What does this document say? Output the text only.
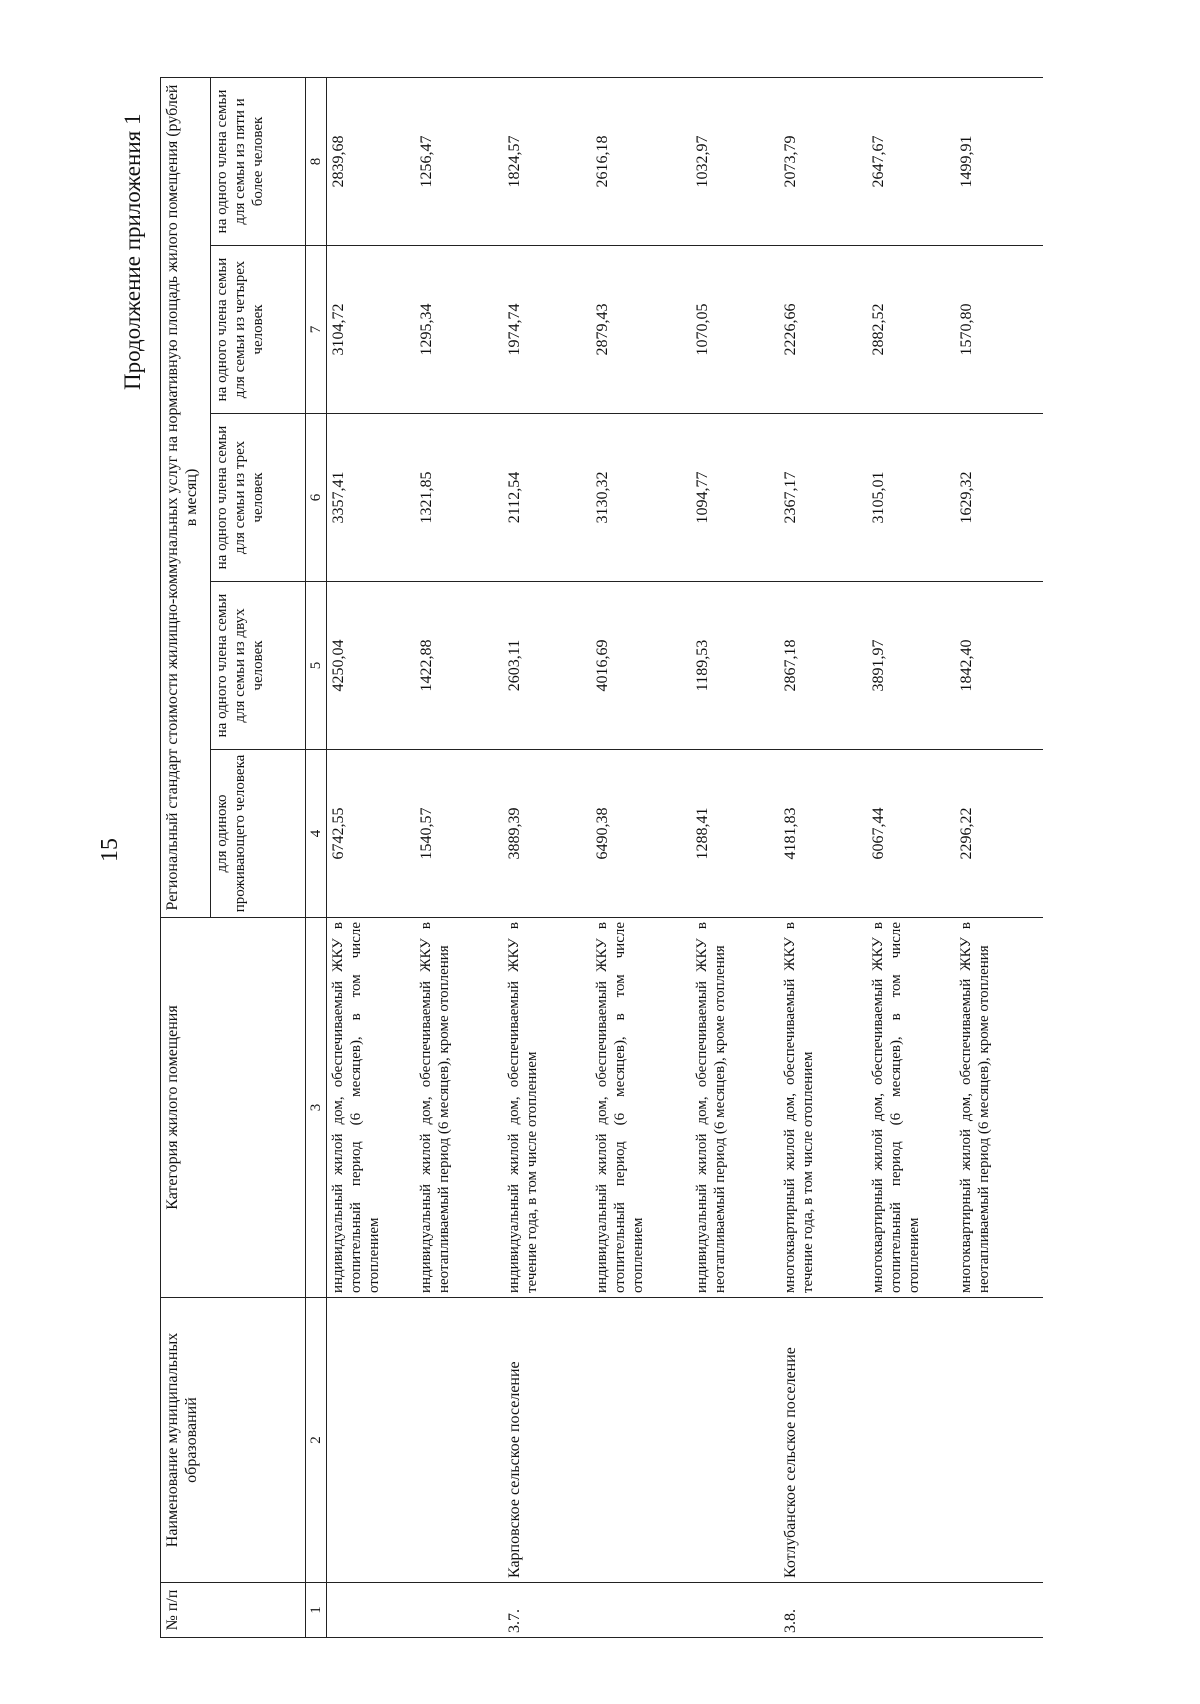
Продолжение приложения 1
15
№ п/п	Наименование муниципальных образований	Категория жилого помещения	Региональный стандарт стоимости жилищно-коммунальных услуг на нормативную площадь жилого помещения (рублей в месяц)				
			для одиноко проживающего человека	на одного члена семьи для семьи из двух человек	на одного члена семьи для семьи из трех человек	на одного члена семьи для семьи из четырех человек	на одного члена семьи для семьи из пяти и более человек
1	2	3	4	5	6	7	8
		индивидуальный жилой дом, обеспечиваемый ЖКУ в отопительный период (6 месяцев), в том числе отоплением	6742,55	4250,04	3357,41	3104,72	2839,68
		индивидуальный жилой дом, обеспечиваемый ЖКУ в неотапливаемый период (6 месяцев), кроме отопления	1540,57	1422,88	1321,85	1295,34	1256,47
3.7.	Карповское сельское поселение	индивидуальный жилой дом, обеспечиваемый ЖКУ в течение года, в том числе отоплением	3889,39	2603,11	2112,54	1974,74	1824,57
		индивидуальный жилой дом, обеспечиваемый ЖКУ в отопительный период (6 месяцев), в том числе отоплением	6490,38	4016,69	3130,32	2879,43	2616,18
		индивидуальный жилой дом, обеспечиваемый ЖКУ в неотапливаемый период (6 месяцев), кроме отопления	1288,41	1189,53	1094,77	1070,05	1032,97
3.8.	Котлубанское сельское поселение	многоквартирный жилой дом, обеспечиваемый ЖКУ в течение года, в том числе отоплением	4181,83	2867,18	2367,17	2226,66	2073,79
		многоквартирный жилой дом, обеспечиваемый ЖКУ в отопительный период (6 месяцев), в том числе отоплением	6067,44	3891,97	3105,01	2882,52	2647,67
		многоквартирный жилой дом, обеспечиваемый ЖКУ в неотапливаемый период (6 месяцев), кроме отопления	2296,22	1842,40	1629,32	1570,80	1499,91
